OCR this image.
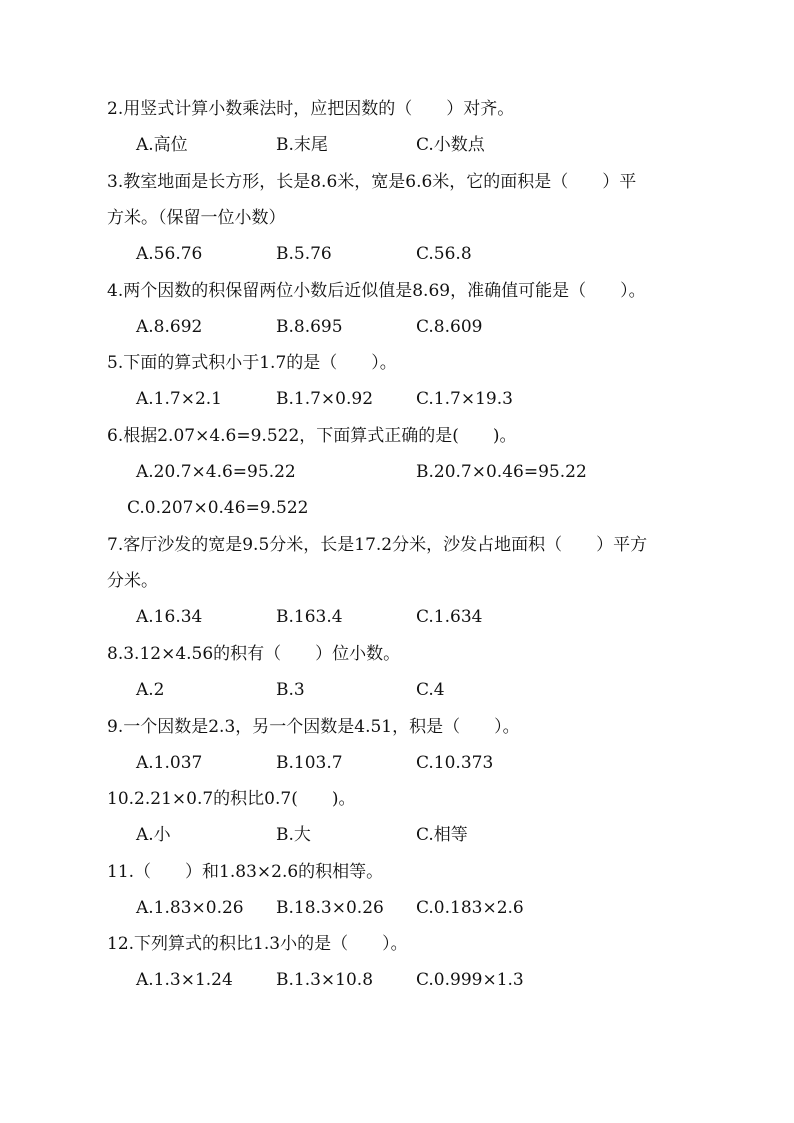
2.用竖式计算小数乘法时，应把因数的（　　）对齐。
A.高位	B.末尾	C.小数点
3.教室地面是长方形，长是8.6米，宽是6.6米，它的面积是（　　）平
方米。（保留一位小数）
A.56.76	B.5.76	C.56.8
4.两个因数的积保留两位小数后近似值是8.69，准确值可能是（　　）。
A.8.692	B.8.695	C.8.609
5.下面的算式积小于1.7的是（　　）。
A.1.7×2.1	B.1.7×0.92	C.1.7×19.3
6.根据2.07×4.6=9.522，下面算式正确的是(　　)。
A.20.7×4.6=95.22	B.20.7×0.46=95.22
C.0.207×0.46=9.522
7.客厅沙发的宽是9.5分米，长是17.2分米，沙发占地面积（　　）平方
分米。
A.16.34	B.163.4	C.1.634
8.3.12×4.56的积有（　　）位小数。
A.2	B.3	C.4
9.一个因数是2.3，另一个因数是4.51，积是（　　）。
A.1.037	B.103.7	C.10.373
10.2.21×0.7的积比0.7(　　)。
A.小	B.大	C.相等
11.（　　）和1.83×2.6的积相等。
A.1.83×0.26 B.18.3×0.26 C.0.183×2.6
12.下列算式的积比1.3小的是（　　）。
A.1.3×1.24	B.1.3×10.8	C.0.999×1.3
